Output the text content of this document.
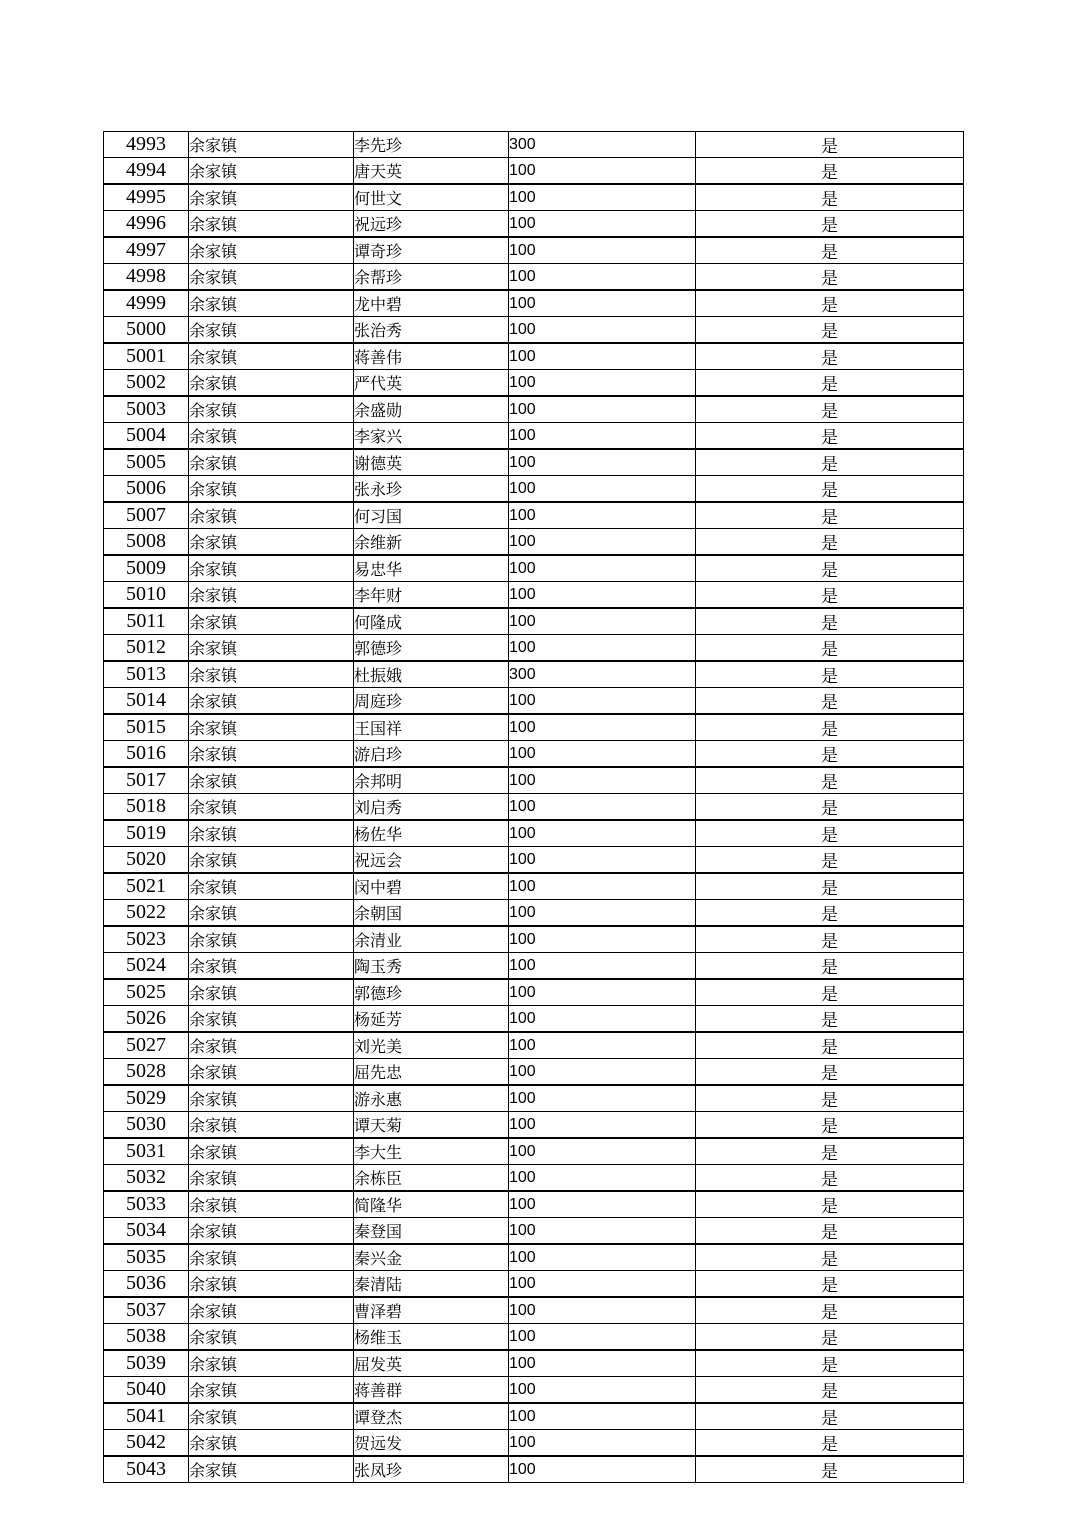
4993	余家镇	李先珍	300	是
4994	余家镇	唐天英	100	是
4995	余家镇	何世文	100	是
4996	余家镇	祝远珍	100	是
4997	余家镇	谭奇珍	100	是
4998	余家镇	余帮珍	100	是
4999	余家镇	龙中碧	100	是
5000	余家镇	张治秀	100	是
5001	余家镇	蒋善伟	100	是
5002	余家镇	严代英	100	是
5003	余家镇	余盛勋	100	是
5004	余家镇	李家兴	100	是
5005	余家镇	谢德英	100	是
5006	余家镇	张永珍	100	是
5007	余家镇	何习国	100	是
5008	余家镇	余维新	100	是
5009	余家镇	易忠华	100	是
5010	余家镇	李年财	100	是
5011	余家镇	何隆成	100	是
5012	余家镇	郭德珍	100	是
5013	余家镇	杜振娥	300	是
5014	余家镇	周庭珍	100	是
5015	余家镇	王国祥	100	是
5016	余家镇	游启珍	100	是
5017	余家镇	余邦明	100	是
5018	余家镇	刘启秀	100	是
5019	余家镇	杨佐华	100	是
5020	余家镇	祝远会	100	是
5021	余家镇	闵中碧	100	是
5022	余家镇	余朝国	100	是
5023	余家镇	余清业	100	是
5024	余家镇	陶玉秀	100	是
5025	余家镇	郭德珍	100	是
5026	余家镇	杨延芳	100	是
5027	余家镇	刘光美	100	是
5028	余家镇	屈先忠	100	是
5029	余家镇	游永惠	100	是
5030	余家镇	谭天菊	100	是
5031	余家镇	李大生	100	是
5032	余家镇	余栋臣	100	是
5033	余家镇	简隆华	100	是
5034	余家镇	秦登国	100	是
5035	余家镇	秦兴金	100	是
5036	余家镇	秦清陆	100	是
5037	余家镇	曹泽碧	100	是
5038	余家镇	杨维玉	100	是
5039	余家镇	屈发英	100	是
5040	余家镇	蒋善群	100	是
5041	余家镇	谭登杰	100	是
5042	余家镇	贺远发	100	是
5043	余家镇	张凤珍	100	是
